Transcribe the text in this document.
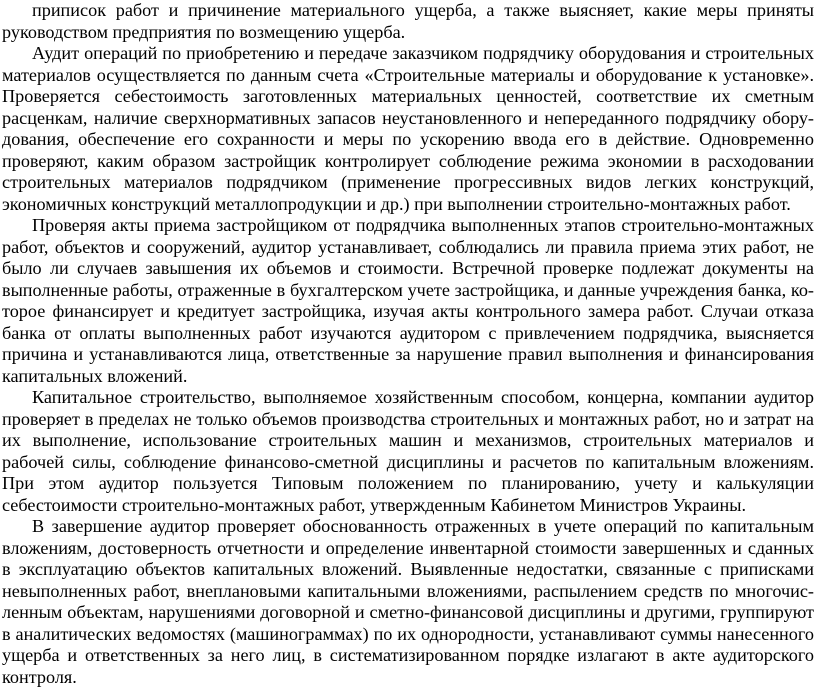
приписок работ и причинение материального ущерба, а также выясняет, какие меры приняты руководством предприятия по возмещению ущерба.

Аудит операций по приобретению и передаче заказчиком подрядчику оборудования и строительных материалов осуществляется по данным счета «Строительные материалы и оборудование к установке». Проверяется себестоимость заготовленных материальных ценностей, соответствие их сметным расценкам, наличие сверхнормативных запасов неустановленного и непереданного подрядчику обору-дования, обеспечение его сохранности и меры по ускорению ввода его в действие. Одновременно проверяют, каким образом застройщик контролирует соблюдение режима экономии в расходовании строительных материалов подрядчиком (применение прогрессивных видов легких конструкций, экономичных конструкций металлопродукции и др.) при выполнении строительно-монтажных работ.

Проверяя акты приема застройщиком от подрядчика выполненных этапов строительно-монтажных работ, объектов и сооружений, аудитор устанавливает, соблюдались ли правила приема этих работ, не было ли случаев завышения их объемов и стоимости. Встречной проверке подлежат документы на выполненные работы, отраженные в бухгалтерском учете застройщика, и данные учреждения банка, ко-торое финансирует и кредитует застройщика, изучая акты контрольного замера работ. Случаи отказа банка от оплаты выполненных работ изучаются аудитором с привлечением подрядчика, выясняется причина и устанавливаются лица, ответственные за нарушение правил выполнения и финансирования капитальных вложений.

Капитальное строительство, выполняемое хозяйственным способом, концерна, компании аудитор проверяет в пределах не только объемов производства строительных и монтажных работ, но и затрат на их выполнение, использование строительных машин и механизмов, строительных материалов и рабочей силы, соблюдение финансово-сметной дисциплины и расчетов по капитальным вложениям. При этом аудитор пользуется Типовым положением по планированию, учету и калькуляции себестоимости строительно-монтажных работ, утвержденным Кабинетом Министров Украины.

В завершение аудитор проверяет обоснованность отраженных в учете операций по капитальным вложениям, достоверность отчетности и определение инвентарной стоимости завершенных и сданных в эксплуатацию объектов капитальных вложений. Выявленные недостатки, связанные с приписками невыполненных работ, внеплановыми капитальными вложениями, распылением средств по многочис-ленным объектам, нарушениями договорной и сметно-финансовой дисциплины и другими, группируют в аналитических ведомостях (машинограммах) по их однородности, устанавливают суммы нанесенного ущерба и ответственных за него лиц, в систематизированном порядке излагают в акте аудиторского контроля.
